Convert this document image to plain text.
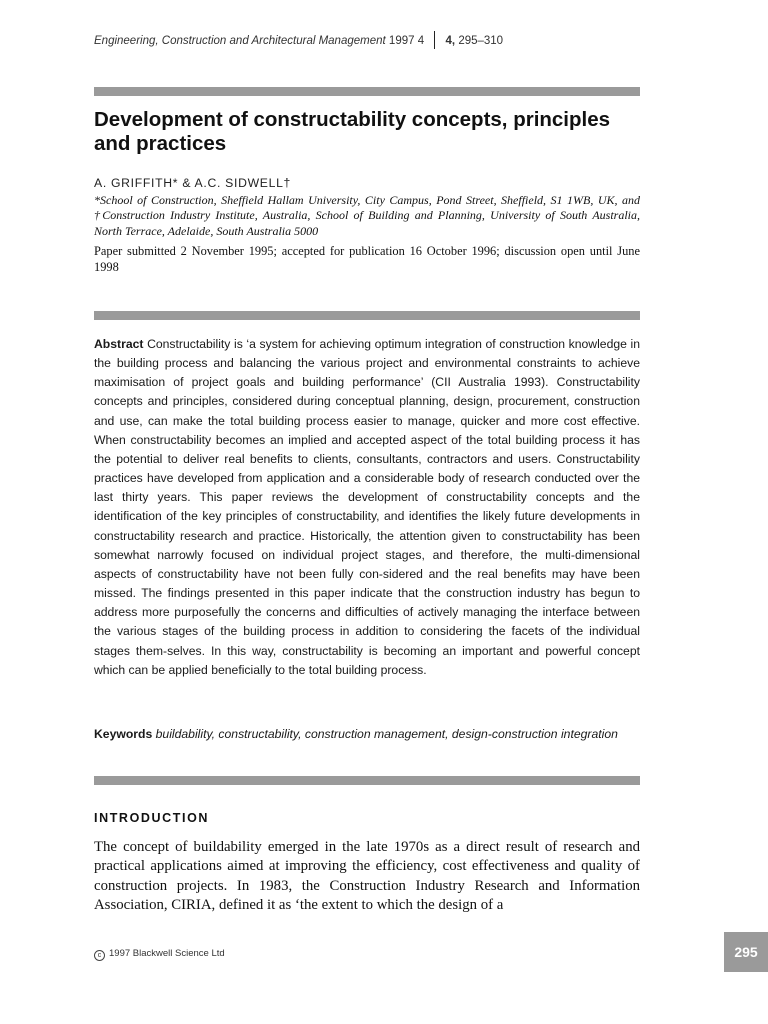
Engineering, Construction and Architectural Management 1997 4 4, 295–310
Development of constructability concepts, principles and practices
A. GRIFFITH* & A.C. SIDWELL†
*School of Construction, Sheffield Hallam University, City Campus, Pond Street, Sheffield, S1 1WB, UK, and †Construction Industry Institute, Australia, School of Building and Planning, University of South Australia, North Terrace, Adelaide, South Australia 5000
Paper submitted 2 November 1995; accepted for publication 16 October 1996; discussion open until June 1998

Abstract Constructability is ‘a system for achieving optimum integration of construction knowledge in the building process and balancing the various project and environmental constraints to achieve maximisation of project goals and building performance’ (CII Australia 1993). Constructability concepts and principles, considered during conceptual planning, design, procurement, construction and use, can make the total building process easier to manage, quicker and more cost effective. When constructability becomes an implied and accepted aspect of the total building process it has the potential to deliver real benefits to clients, consultants, contractors and users. Constructability practices have developed from application and a considerable body of research conducted over the last thirty years. This paper reviews the development of constructability concepts and the identification of the key principles of constructability, and identifies the likely future developments in constructability research and practice. Historically, the attention given to constructability has been somewhat narrowly focused on individual project stages, and therefore, the multi-dimensional aspects of constructability have not been fully con-sidered and the real benefits may have been missed. The findings presented in this paper indicate that the construction industry has begun to address more purposefully the concerns and difficulties of actively managing the interface between the various stages of the building process in addition to considering the facets of the individual stages them-selves. In this way, constructability is becoming an important and powerful concept which can be applied beneficially to the total building process.

Keywords buildability, constructability, construction management, design-construction integration

INTRODUCTION

The concept of buildability emerged in the late 1970s as a direct result of research and practical applications aimed at improving the efficiency, cost effectiveness and quality of construction projects. In 1983, the Construction Industry Research and Information Association, CIRIA, defined it as ‘the extent to which the design of a

c 1997 Blackwell Science Ltd	295
